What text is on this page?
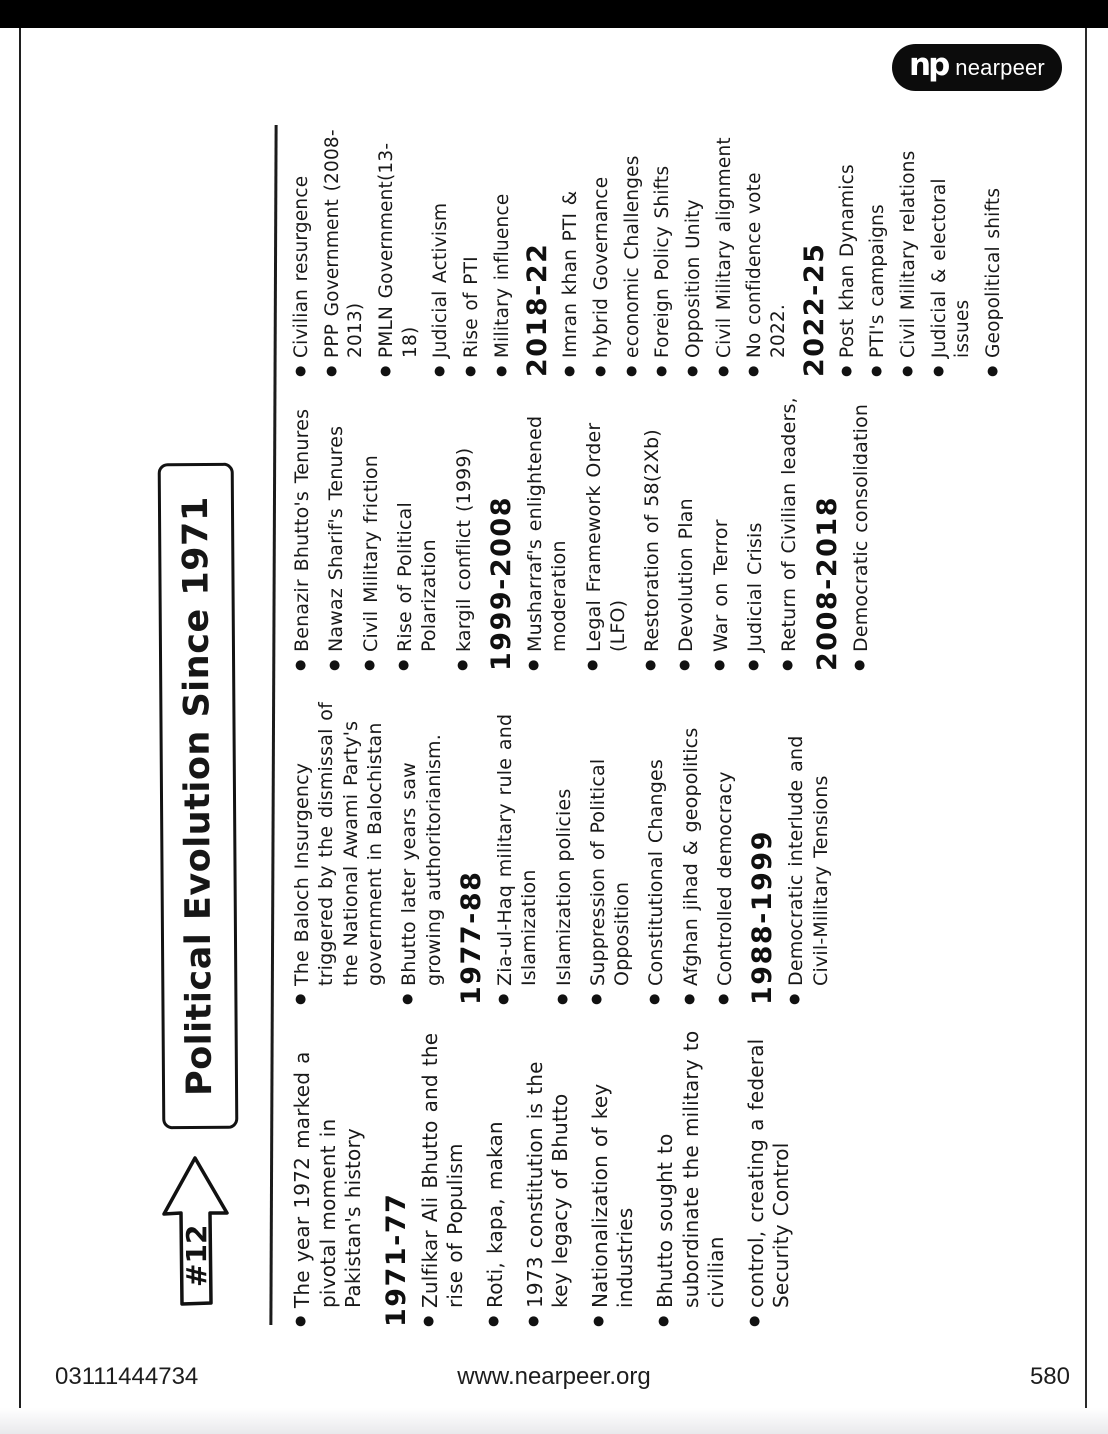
np nearpeer
#12
Political Evolution Since 1971
● The year 1972 marked a pivotal moment in Pakistan's history 1971-77 ● Zulfikar Ali Bhutto and the rise of Populism ● Roti, kapa, makan ● 1973 constitution is the key legacy of Bhutto ● Nationalization of key industries ● Bhutto sought to subordinate the military to civilian ● control, creating a federal Security Control
● The Baloch Insurgency triggered by the dismissal of the National Awami Party's government in Balochistan ● Bhutto later years saw growing authoritorianism. 1977-88 ● Zia-ul-Haq military rule and Islamization ● Islamization policies ● Suppression of Political Opposition ● Constitutional Changes ● Afghan jihad & geopolitics ● Controlled democracy 1988-1999 ● Democratic interlude and Civil-Military Tensions
● Benazir Bhutto's Tenures ● Nawaz Sharif's Tenures ● Civil Military friction ● Rise of Political Polarization ● kargil conflict (1999) 1999-2008 ● Musharraf's enlightened moderation ● Legal Framework Order (LFO) ● Restoration of 58(2Xb) ● Devolution Plan ● War on Terror ● Judicial Crisis ● Return of Civilian leaders, 2008-2018 ● Democratic consolidation
● Civilian resurgence ● PPP Government (2008-2013) ● PMLN Government(13-18) ● Judicial Activism ● Rise of PTI ● Military influence 2018-22 ● Imran khan PTI & ● hybrid Governance ● economic Challenges ● Foreign Policy Shifts ● Opposition Unity ● Civil Military alignment ● No confidence vote 2022. 2022-25 ● Post khan Dynamics ● PTI's campaigns ● Civil Military relations ● Judicial & electoral issues ● Geopolitical shifts
03111444734	www.nearpeer.org	580
